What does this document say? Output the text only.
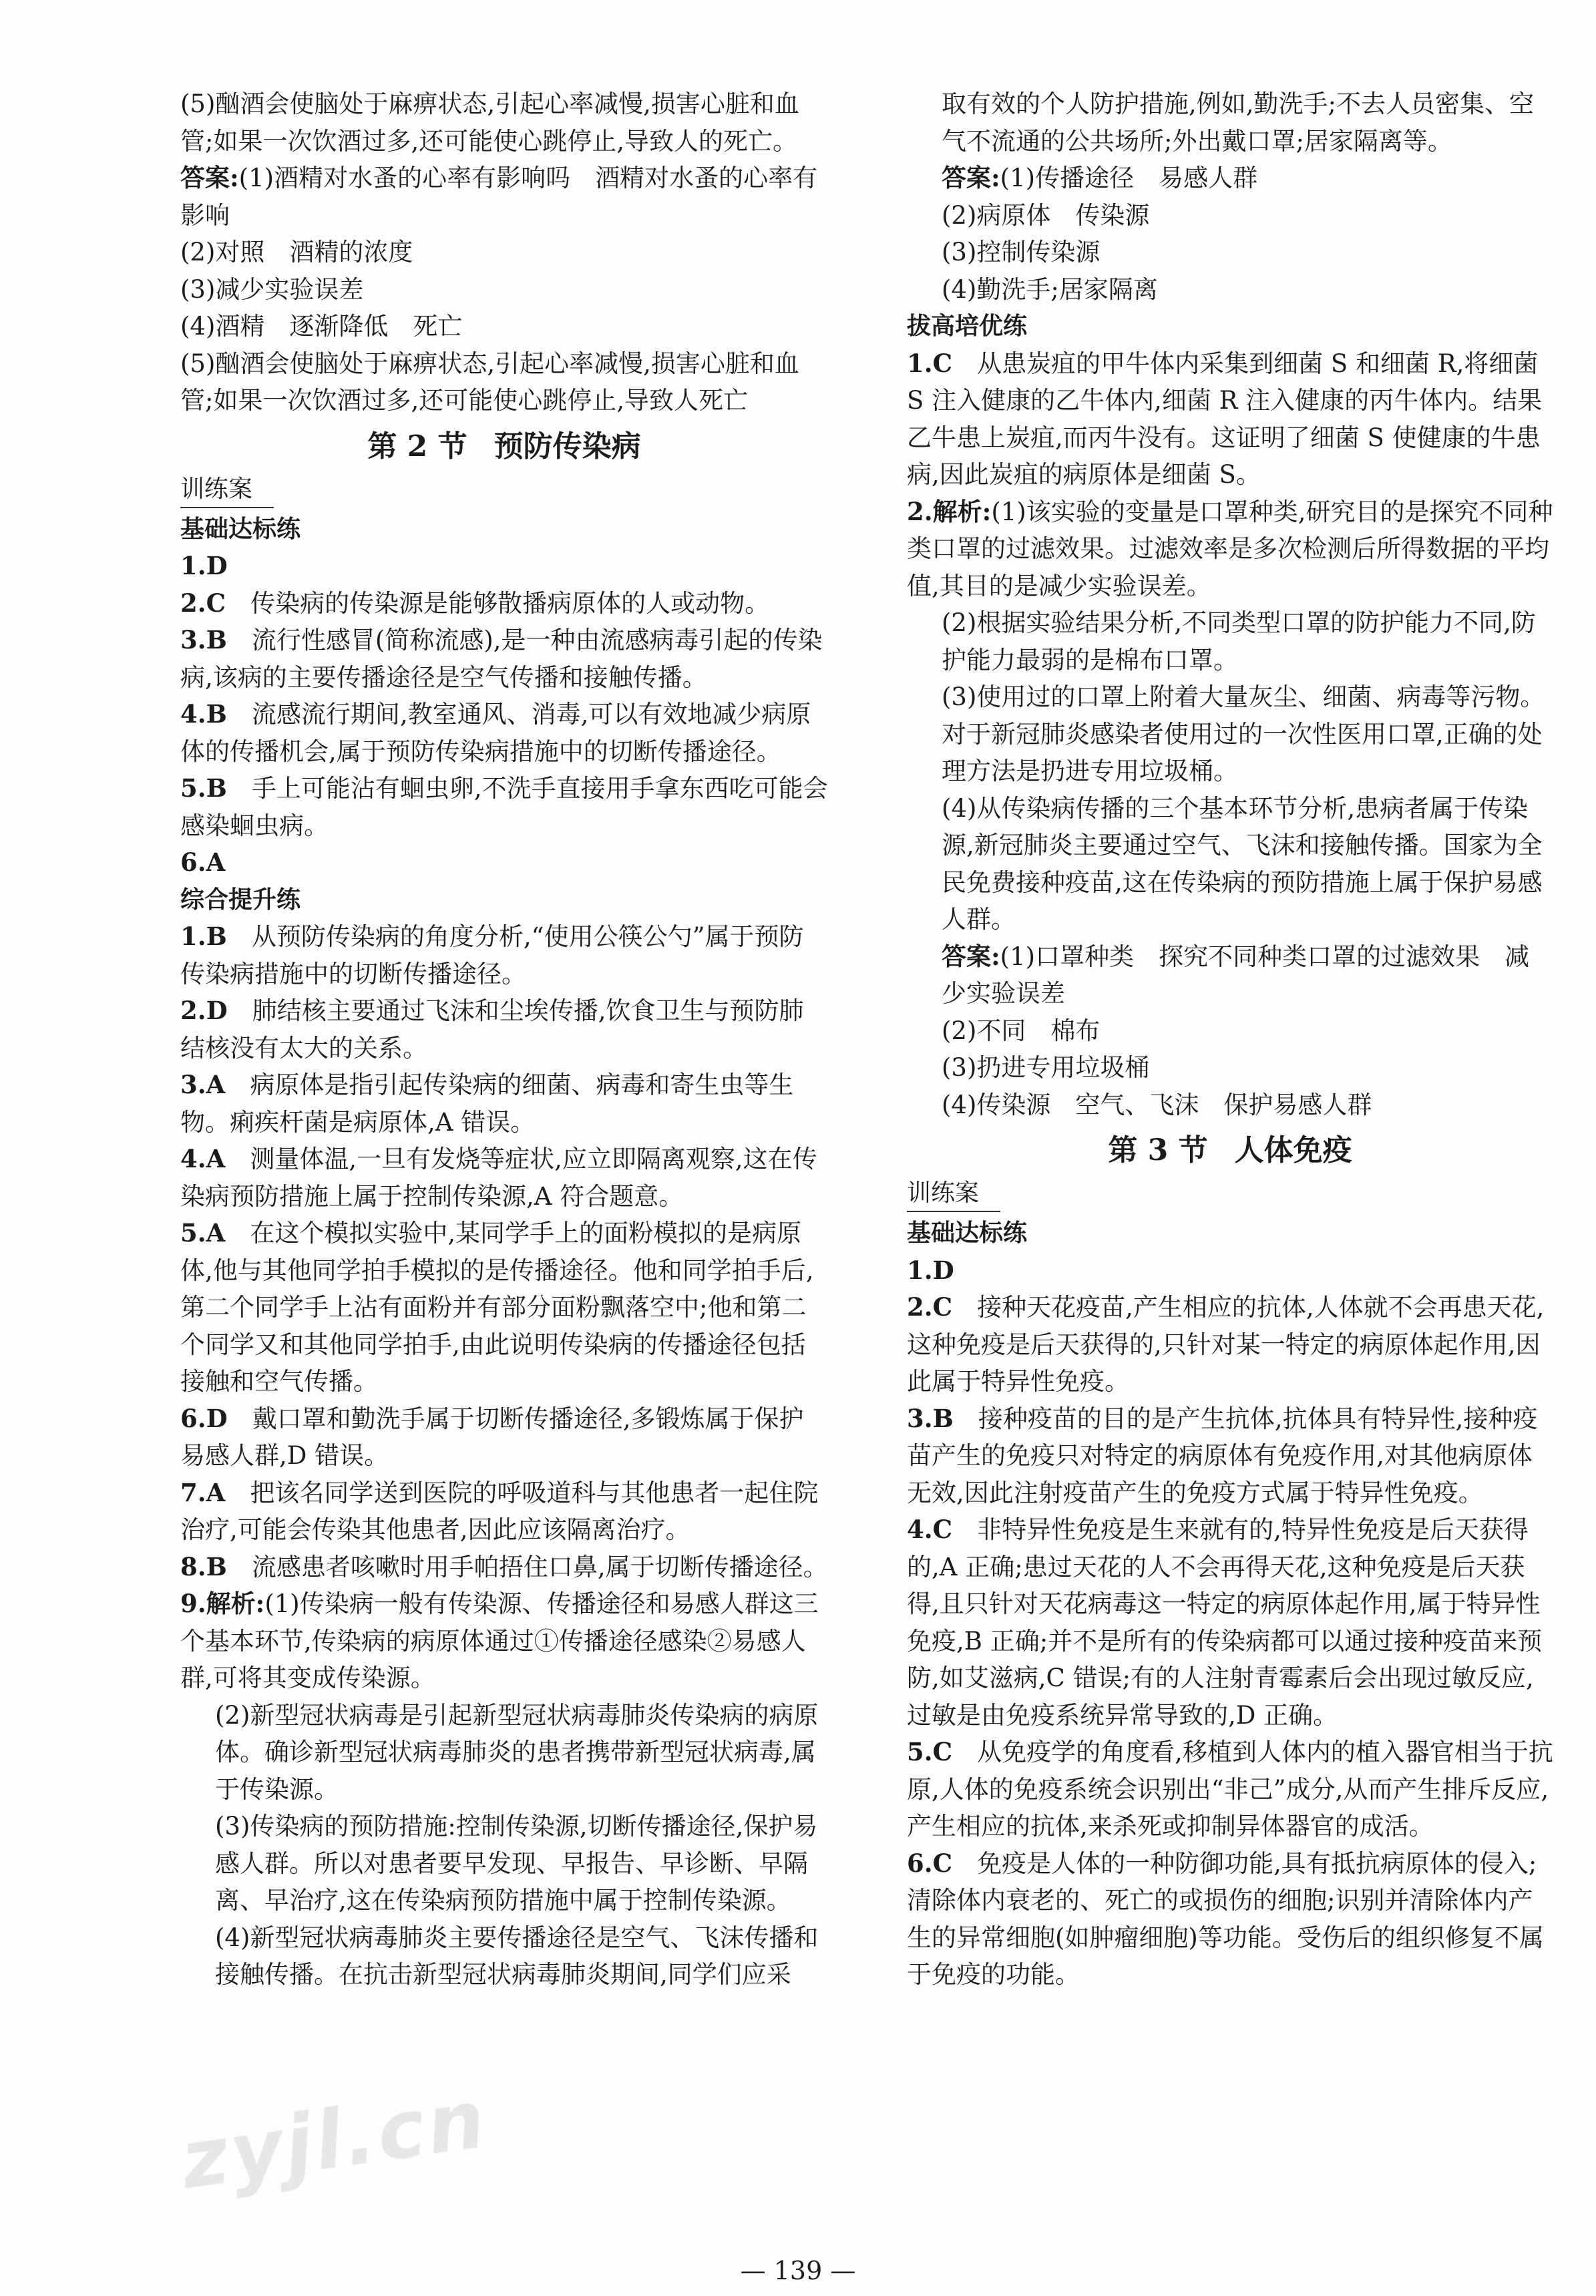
(5)酗酒会使脑处于麻痹状态,引起心率减慢,损害心脏和血管;如果一次饮酒过多,还可能使心跳停止,导致人的死亡。

答案:(1)酒精对水蚤的心率有影响吗　酒精对水蚤的心率有影响

(2)对照　酒精的浓度

(3)减少实验误差

(4)酒精　逐渐降低　死亡

(5)酗酒会使脑处于麻痹状态,引起心率减慢,损害心脏和血管;如果一次饮酒过多,还可能使心跳停止,导致人死亡

第 2 节 预防传染病
训练案
基础达标练

1.D

2.C　 传染病的传染源是能够散播病原体的人或动物。

3.B　 流行性感冒(简称流感),是一种由流感病毒引起的传染病,该病的主要传播途径是空气传播和接触传播。

4.B　 流感流行期间,教室通风、消毒,可以有效地减少病原体的传播机会,属于预防传染病措施中的切断传播途径。

5.B　 手上可能沾有蛔虫卵,不洗手直接用手拿东西吃可能会感染蛔虫病。

6.A

综合提升练

1.B　 从预防传染病的角度分析,“使用公筷公勺”属于预防传染病措施中的切断传播途径。

2.D　 肺结核主要通过飞沫和尘埃传播,饮食卫生与预防肺结核没有太大的关系。

3.A　 病原体是指引起传染病的细菌、病毒和寄生虫等生物。痢疾杆菌是病原体,A 错误。

4.A　 测量体温,一旦有发烧等症状,应立即隔离观察,这在传染病预防措施上属于控制传染源,A 符合题意。

5.A　 在这个模拟实验中,某同学手上的面粉模拟的是病原体,他与其他同学拍手模拟的是传播途径。他和同学拍手后,第二个同学手上沾有面粉并有部分面粉飘落空中;他和第二个同学又和其他同学拍手,由此说明传染病的传播途径包括接触和空气传播。

6.D　 戴口罩和勤洗手属于切断传播途径,多锻炼属于保护易感人群,D 错误。

7.A　 把该名同学送到医院的呼吸道科与其他患者一起住院治疗,可能会传染其他患者,因此应该隔离治疗。

8.B　 流感患者咳嗽时用手帕捂住口鼻,属于切断传播途径。

9.解析:(1)传染病一般有传染源、传播途径和易感人群这三个基本环节,传染病的病原体通过①传播途径感染②易感人群,可将其变成传染源。

(2)新型冠状病毒是引起新型冠状病毒肺炎传染病的病原体。确诊新型冠状病毒肺炎的患者携带新型冠状病毒,属于传染源。

(3)传染病的预防措施:控制传染源,切断传播途径,保护易感人群。所以对患者要早发现、早报告、早诊断、早隔离、早治疗,这在传染病预防措施中属于控制传染源。

(4)新型冠状病毒肺炎主要传播途径是空气、飞沫传播和接触传播。在抗击新型冠状病毒肺炎期间,同学们应采

取有效的个人防护措施,例如,勤洗手;不去人员密集、空气不流通的公共场所;外出戴口罩;居家隔离等。

答案:(1)传播途径　易感人群

(2)病原体　传染源

(3)控制传染源

(4)勤洗手;居家隔离

拔高培优练

1.C　 从患炭疽的甲牛体内采集到细菌 S 和细菌 R,将细菌 S 注入健康的乙牛体内,细菌 R 注入健康的丙牛体内。结果乙牛患上炭疽,而丙牛没有。这证明了细菌 S 使健康的牛患病,因此炭疽的病原体是细菌 S。

2.解析:(1)该实验的变量是口罩种类,研究目的是探究不同种类口罩的过滤效果。过滤效率是多次检测后所得数据的平均值,其目的是减少实验误差。

(2)根据实验结果分析,不同类型口罩的防护能力不同,防护能力最弱的是棉布口罩。

(3)使用过的口罩上附着大量灰尘、细菌、病毒等污物。对于新冠肺炎感染者使用过的一次性医用口罩,正确的处理方法是扔进专用垃圾桶。

(4)从传染病传播的三个基本环节分析,患病者属于传染源,新冠肺炎主要通过空气、飞沫和接触传播。国家为全民免费接种疫苗,这在传染病的预防措施上属于保护易感人群。

答案:(1)口罩种类　探究不同种类口罩的过滤效果　减少实验误差

(2)不同　棉布

(3)扔进专用垃圾桶

(4)传染源　空气、飞沫　保护易感人群

第 3 节 人体免疫
训练案
基础达标练

1.D

2.C　 接种天花疫苗,产生相应的抗体,人体就不会再患天花,这种免疫是后天获得的,只针对某一特定的病原体起作用,因此属于特异性免疫。

3.B　 接种疫苗的目的是产生抗体,抗体具有特异性,接种疫苗产生的免疫只对特定的病原体有免疫作用,对其他病原体无效,因此注射疫苗产生的免疫方式属于特异性免疫。

4.C　 非特异性免疫是生来就有的,特异性免疫是后天获得的,A 正确;患过天花的人不会再得天花,这种免疫是后天获得,且只针对天花病毒这一特定的病原体起作用,属于特异性免疫,B 正确;并不是所有的传染病都可以通过接种疫苗来预防,如艾滋病,C 错误;有的人注射青霉素后会出现过敏反应,过敏是由免疫系统异常导致的,D 正确。

5.C　 从免疫学的角度看,移植到人体内的植入器官相当于抗原,人体的免疫系统会识别出“非己”成分,从而产生排斥反应,产生相应的抗体,来杀死或抑制异体器官的成活。

6.C　 免疫是人体的一种防御功能,具有抵抗病原体的侵入;清除体内衰老的、死亡的或损伤的细胞;识别并清除体内产生的异常细胞(如肿瘤细胞)等功能。受伤后的组织修复不属于免疫的功能。

zyjl.cn
— 139 —
